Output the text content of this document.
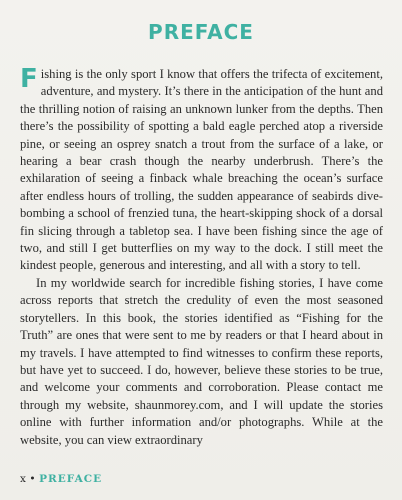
PREFACE

Fishing is the only sport I know that offers the trifecta of excitement, adventure, and mystery. It’s there in the anticipation of the hunt and the thrilling notion of raising an unknown lunker from the depths. Then there’s the possibility of spotting a bald eagle perched atop a riverside pine, or seeing an osprey snatch a trout from the surface of a lake, or hearing a bear crash though the nearby underbrush. There’s the exhilaration of seeing a finback whale breaching the ocean’s surface after endless hours of trolling, the sudden appearance of seabirds dive-bombing a school of frenzied tuna, the heart-skipping shock of a dorsal fin slicing through a tabletop sea. I have been fishing since the age of two, and still I get butterflies on my way to the dock. I still meet the kindest people, generous and interesting, and all with a story to tell.

In my worldwide search for incredible fishing stories, I have come across reports that stretch the credulity of even the most seasoned storytellers. In this book, the stories identified as “Fishing for the Truth” are ones that were sent to me by readers or that I heard about in my travels. I have attempted to find witnesses to confirm these reports, but have yet to succeed. I do, however, believe these stories to be true, and welcome your comments and corroboration. Please contact me through my website, shaunmorey.com, and I will update the stories online with further information and/or photographs. While at the website, you can view extraordinary

x • PREFACE
